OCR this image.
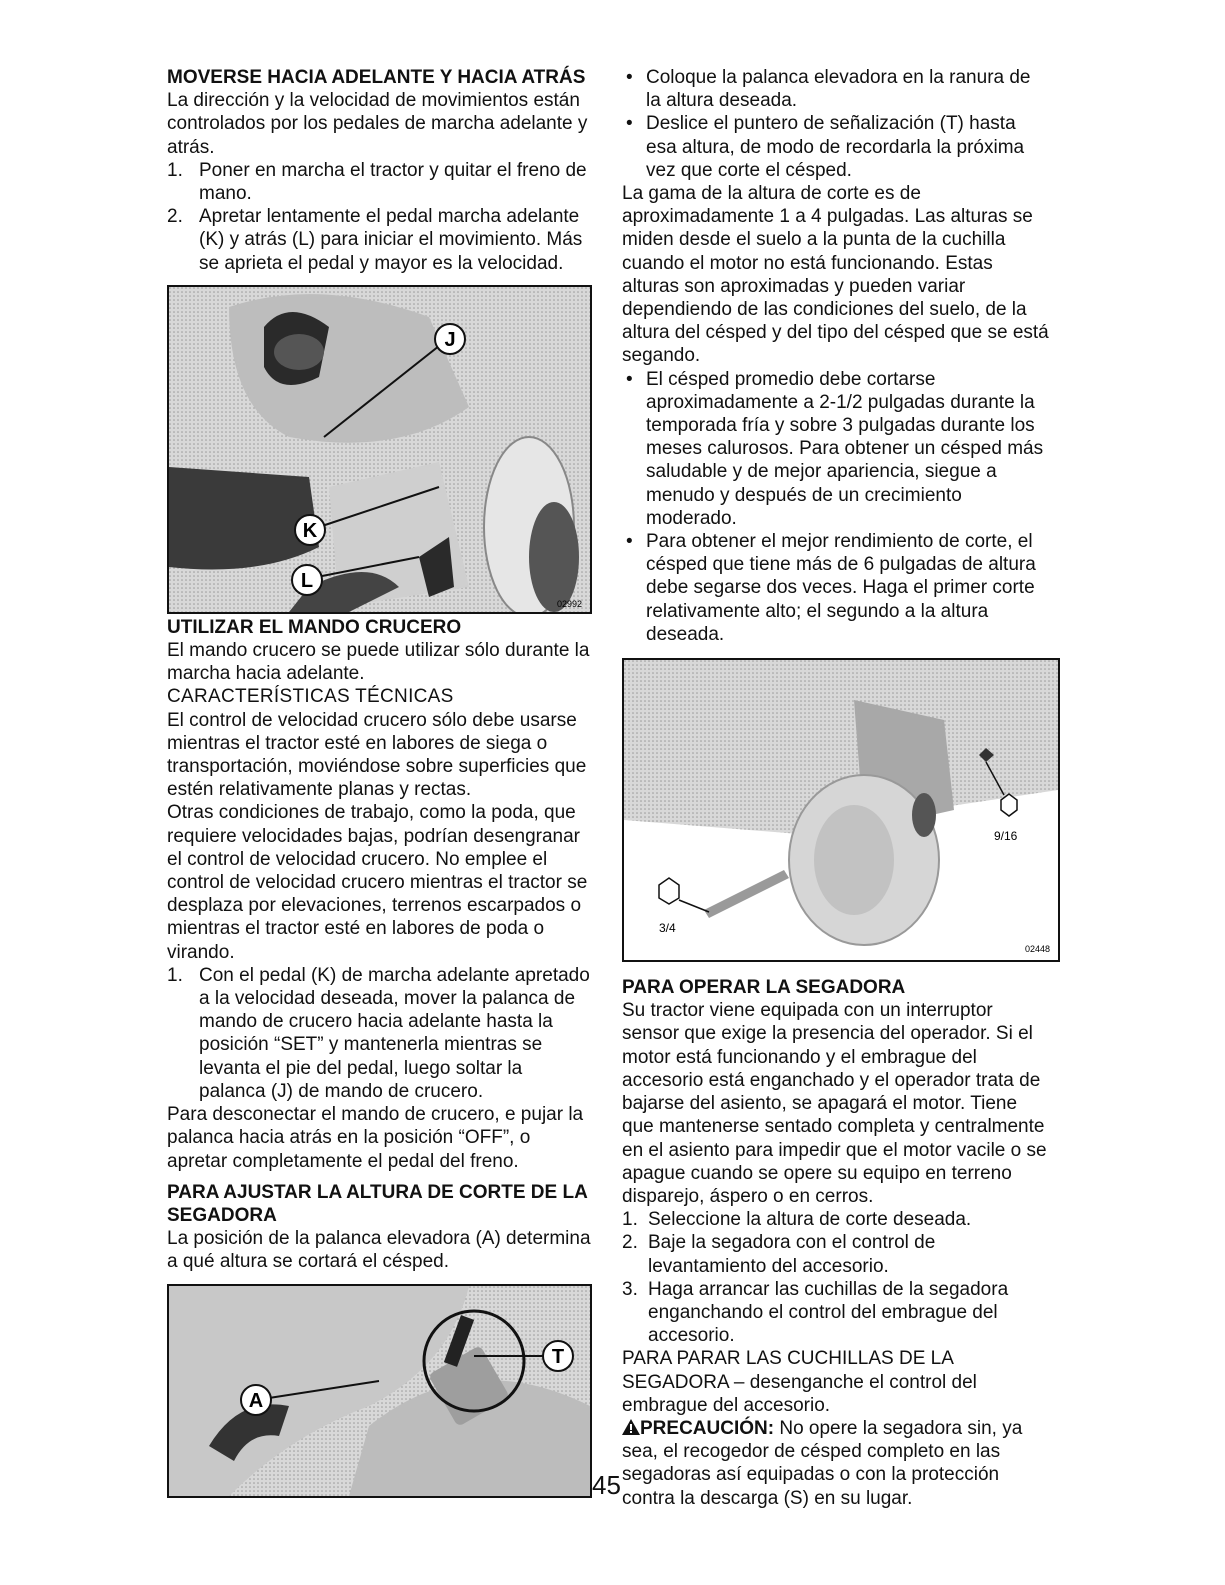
MOVERSE HACIA ADELANTE Y HACIA ATRÁS

La dirección y la velocidad de movimientos están controlados por los pedales de marcha adelante y atrás.

1. Poner en marcha el tractor y quitar el freno de mano.
2. Apretar lentamente el pedal marcha adelante (K) y atrás (L) para iniciar el movimiento. Más se aprieta el pedal y mayor es la velocidad.
J
K
L
02992
UTILIZAR EL MANDO CRUCERO

El mando crucero se puede utilizar sólo durante la marcha hacia adelante.

CARACTERÍSTICAS TÉCNICAS

El control de velocidad crucero sólo debe usarse mientras el tractor esté en labores de siega o transportación, moviéndose sobre superficies que estén relativamente planas y rectas.

Otras condiciones de trabajo, como la poda, que requiere velocidades bajas, podrían desengranar el control de velocidad crucero. No emplee el control de velocidad crucero mientras el tractor se desplaza por elevaciones, terrenos escarpados o mientras el tractor esté en labores de poda o virando.

1. Con el pedal (K) de marcha adelante apretado a la velocidad deseada, mover la palanca de mando de crucero hacia adelante hasta la posición “SET” y mantenerla mientras se levanta el pie del pedal, luego soltar la palanca (J) de mando de crucero.

Para desconectar el mando de crucero, e pujar la palanca hacia atrás en la posición “OFF”, o apretar completamente el pedal del freno.

PARA AJUSTAR LA ALTURA DE CORTE DE LA SEGADORA

La posición de la palanca elevadora (A) determina a qué altura se cortará el césped.

T
A
• Coloque la palanca elevadora en la ranura de la altura deseada.
• Deslice el puntero de señalización (T) hasta esa altura, de modo de recordarla la próxima vez que corte el césped.

La gama de la altura de corte es de aproximadamente 1 a 4 pulgadas. Las alturas se miden desde el suelo a la punta de la cuchilla cuando el motor no está funcionando. Estas alturas son aproximadas y pueden variar dependiendo de las condiciones del suelo, de la altura del césped y del tipo del césped que se está segando.

• El césped promedio debe cortarse aproximadamente a 2-1/2 pulgadas durante la temporada fría y sobre 3 pulgadas durante los meses calurosos. Para obtener un césped más saludable y de mejor apariencia, siegue a menudo y después de un crecimiento moderado.
• Para obtener el mejor rendimiento de corte, el césped que tiene más de 6 pulgadas de altura debe segarse dos veces. Haga el primer corte relativamente alto; el segundo a la altura deseada.
9/16
3/4
02448
PARA OPERAR LA SEGADORA

Su tractor viene equipada con un interruptor sensor que exige la presencia del operador. Si el motor está funcionando y el embrague del accesorio está enganchado y el operador trata de bajarse del asiento, se apagará el motor. Tiene que mantenerse sentado completa y centralmente en el asiento para impedir que el motor vacile o se apague cuando se opere su equipo en terreno disparejo, áspero o en cerros.

1. Seleccione la altura de corte deseada.
2. Baje la segadora con el control de levantamiento del accesorio.
3. Haga arrancar las cuchillas de la segadora enganchando el control del embrague del accesorio.

PARA PARAR LAS CUCHILLAS DE LA SEGADORA – desenganche el control del embrague del accesorio.

PRECAUCIÓN: No opere la segadora sin, ya sea, el recogedor de césped completo en las segadoras así equipadas o con la protección contra la descarga (S) en su lugar.

45
